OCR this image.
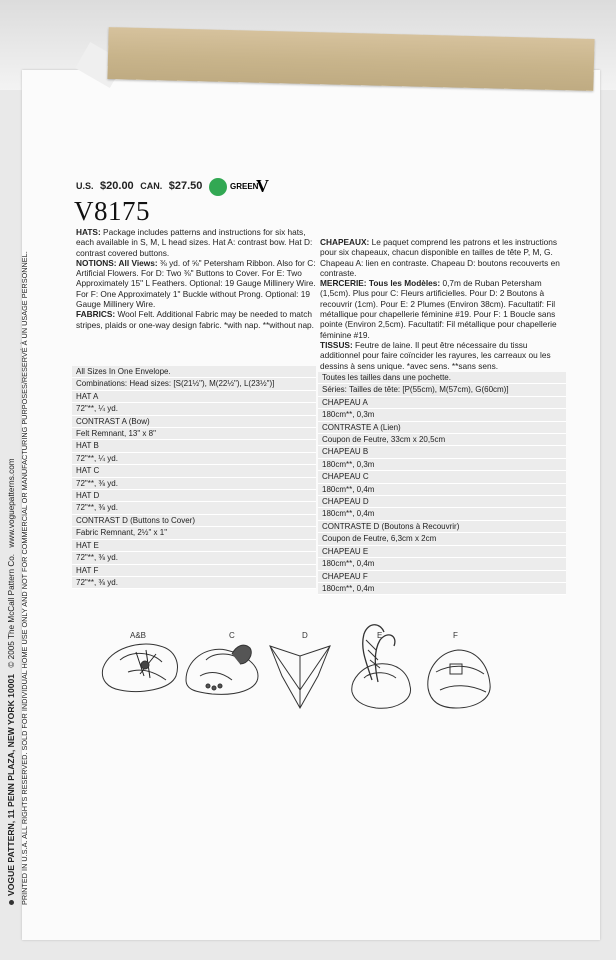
U.S. $20.00 CAN. $27.50	GREEN
V
V8175
HATS: Package includes patterns and instructions for six hats, each available in S, M, L head sizes. Hat A: contrast bow. Hat D: contrast covered buttons.
NOTIONS: All Views: ⅜ yd. of ⅝" Petersham Ribbon. Also for C: Artificial Flowers. For D: Two ⅜" Buttons to Cover. For E: Two Approximately 15" L Feathers. Optional: 19 Gauge Millinery Wire. For F: One Approximately 1" Buckle without Prong. Optional: 19 Gauge Millinery Wire.
FABRICS: Wool Felt. Additional Fabric may be needed to match stripes, plaids or one-way design fabric. *with nap. **without nap.
CHAPEAUX: Le paquet comprend les patrons et les instructions pour six chapeaux, chacun disponible en tailles de tête P, M, G. Chapeau A: lien en contraste. Chapeau D: boutons recouverts en contraste.
MERCERIE: Tous les Modèles: 0,7m de Ruban Petersham (1,5cm). Plus pour C: Fleurs artificielles. Pour D: 2 Boutons à recouvrir (1cm). Pour E: 2 Plumes (Environ 38cm). Facultatif: Fil métallique pour chapellerie féminine #19. Pour F: 1 Boucle sans pointe (Environ 2,5cm). Facultatif: Fil métallique pour chapellerie féminine #19.
TISSUS: Feutre de laine. Il peut être nécessaire du tissu additionnel pour faire coïncider les rayures, les carreaux ou les dessins à sens unique. *avec sens. **sans sens.
All Sizes In One Envelope.
Combinations: Head sizes: [S(21½"), M(22½"), L(23½")]
HAT A
72"**, ¼ yd.
CONTRAST A (Bow)
Felt Remnant, 13" x 8"
HAT B
72"**, ¼ yd.
HAT C
72"**, ⅜ yd.
HAT D
72"**, ⅜ yd.
CONTRAST D (Buttons to Cover)
Fabric Remnant, 2½" x 1"
HAT E
72"**, ⅜ yd.
HAT F
72"**, ⅜ yd.
Toutes les tailles dans une pochette.
Séries: Tailles de tête: [P(55cm), M(57cm), G(60cm)]
CHAPEAU A
180cm**, 0,3m
CONTRASTE A (Lien)
Coupon de Feutre, 33cm x 20,5cm
CHAPEAU B
180cm**, 0,3m
CHAPEAU C
180cm**, 0,4m
CHAPEAU D
180cm**, 0,4m
CONTRASTE D (Boutons à Recouvrir)
Coupon de Feutre, 6,3cm x 2cm
CHAPEAU E
180cm**, 0,4m
CHAPEAU F
180cm**, 0,4m
A&B	C	D	E	F
VOGUE PATTERN, 11 PENN PLAZA, NEW YORK 10001 © 2005 The McCall Pattern Co. www.voguepatterns.com PRINTED IN U.S.A. ALL RIGHTS RESERVED. SOLD FOR INDIVIDUAL HOME USE ONLY AND NOT FOR COMMERCIAL OR MANUFACTURING PURPOSES/RESERVÉ À UN USAGE PERSONNEL.
